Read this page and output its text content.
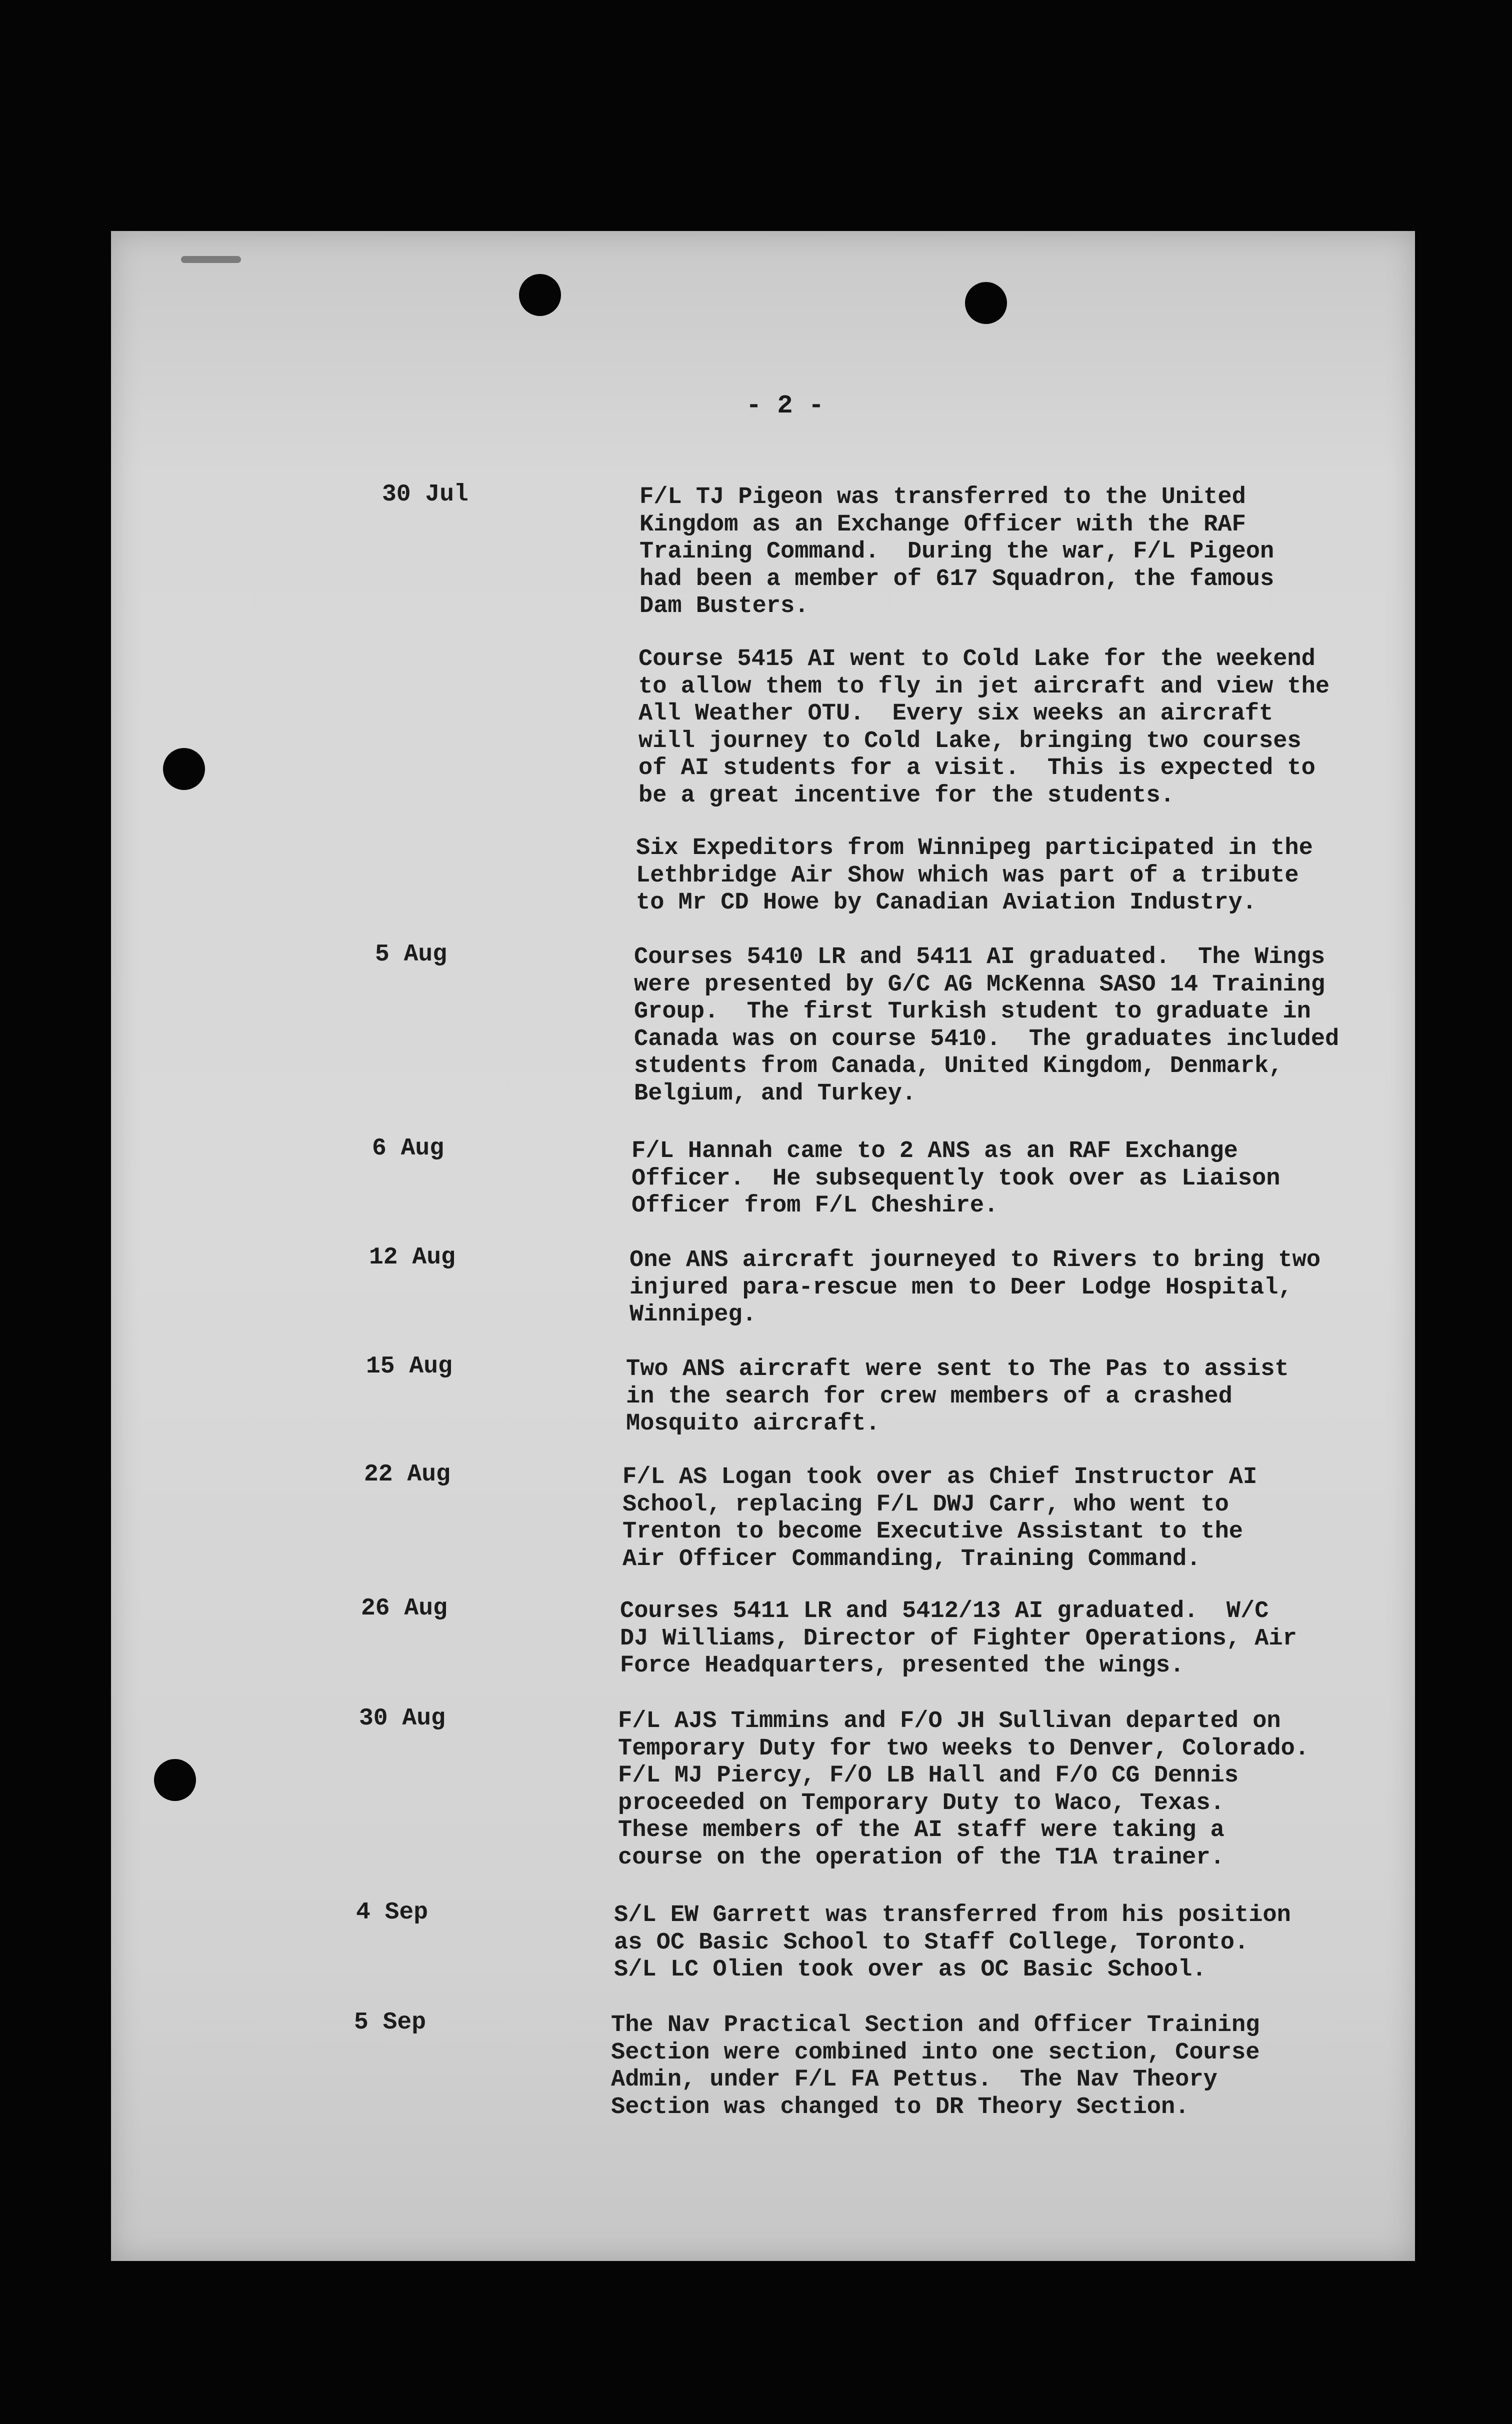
- 2 -
30 Jul	F/L TJ Pigeon was transferred to the United
Kingdom as an Exchange Officer with the RAF
Training Command.  During the war, F/L Pigeon
had been a member of 617 Squadron, the famous
Dam Busters.
Course 5415 AI went to Cold Lake for the weekend
to allow them to fly in jet aircraft and view the
All Weather OTU.  Every six weeks an aircraft
will journey to Cold Lake, bringing two courses
of AI students for a visit.  This is expected to
be a great incentive for the students.
Six Expeditors from Winnipeg participated in the
Lethbridge Air Show which was part of a tribute
to Mr CD Howe by Canadian Aviation Industry.
5 Aug	Courses 5410 LR and 5411 AI graduated.  The Wings
were presented by G/C AG McKenna SASO 14 Training
Group.  The first Turkish student to graduate in
Canada was on course 5410.  The graduates included
students from Canada, United Kingdom, Denmark,
Belgium, and Turkey.
6 Aug	F/L Hannah came to 2 ANS as an RAF Exchange
Officer.  He subsequently took over as Liaison
Officer from F/L Cheshire.
12 Aug	One ANS aircraft journeyed to Rivers to bring two
injured para-rescue men to Deer Lodge Hospital,
Winnipeg.
15 Aug	Two ANS aircraft were sent to The Pas to assist
in the search for crew members of a crashed
Mosquito aircraft.
22 Aug	F/L AS Logan took over as Chief Instructor AI
School, replacing F/L DWJ Carr, who went to
Trenton to become Executive Assistant to the
Air Officer Commanding, Training Command.
26 Aug	Courses 5411 LR and 5412/13 AI graduated.  W/C
DJ Williams, Director of Fighter Operations, Air
Force Headquarters, presented the wings.
30 Aug	F/L AJS Timmins and F/O JH Sullivan departed on
Temporary Duty for two weeks to Denver, Colorado.
F/L MJ Piercy, F/O LB Hall and F/O CG Dennis
proceeded on Temporary Duty to Waco, Texas.
These members of the AI staff were taking a
course on the operation of the T1A trainer.
4 Sep	S/L EW Garrett was transferred from his position
as OC Basic School to Staff College, Toronto.
S/L LC Olien took over as OC Basic School.
5 Sep	The Nav Practical Section and Officer Training
Section were combined into one section, Course
Admin, under F/L FA Pettus.  The Nav Theory
Section was changed to DR Theory Section.
